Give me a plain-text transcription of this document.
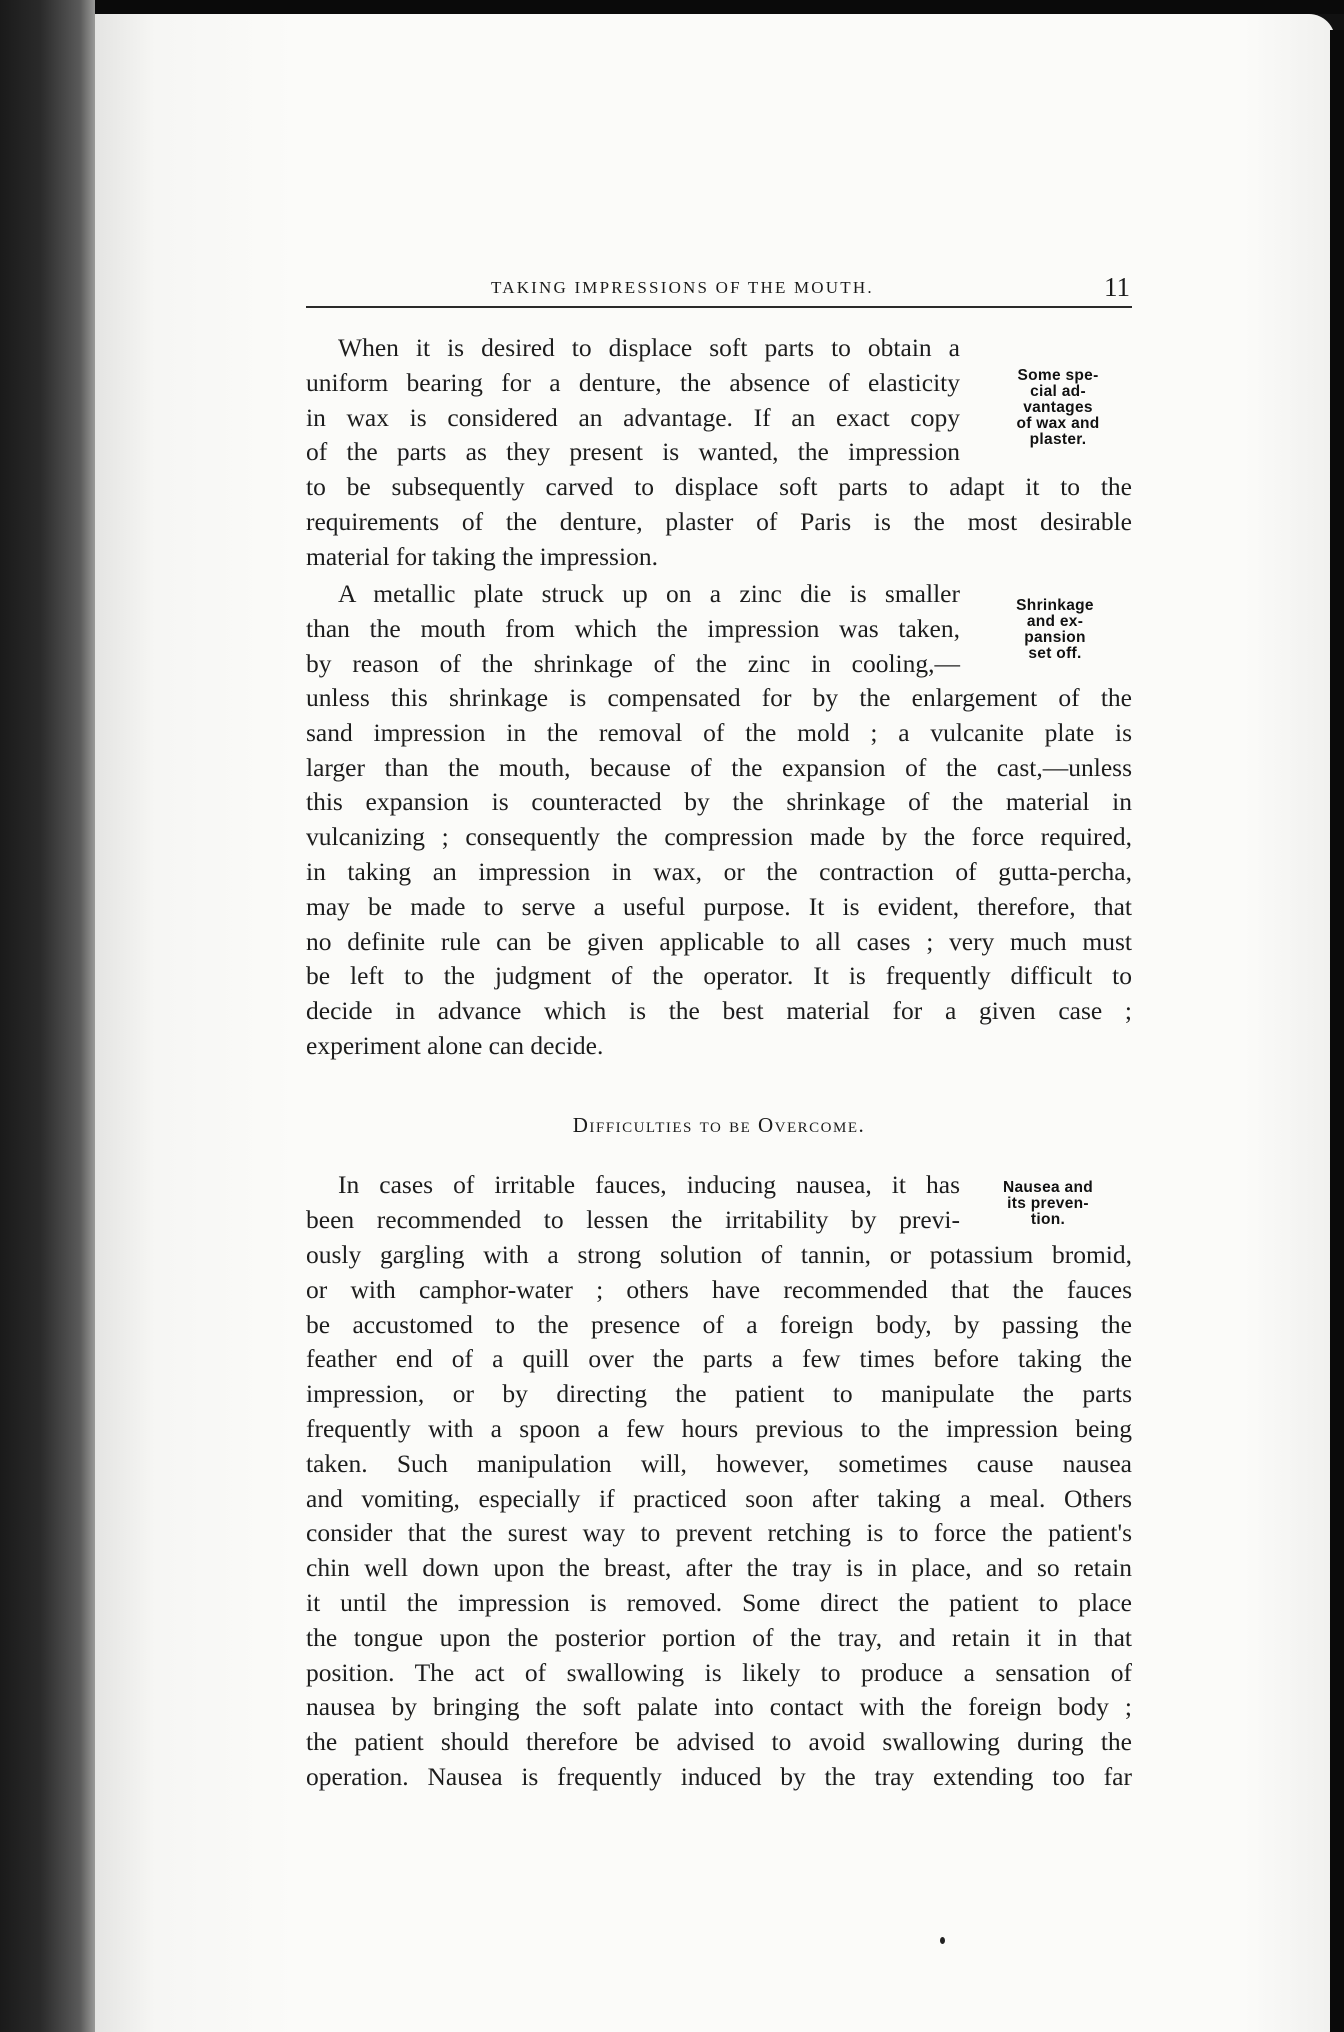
TAKING IMPRESSIONS OF THE MOUTH.	11
When it is desired to displace soft parts to obtain a
uniform bearing for a denture, the absence of elasticity
in wax is considered an advantage. If an exact copy
of the parts as they present is wanted, the impression
to be subsequently carved to displace soft parts to adapt it to the
requirements of the denture, plaster of Paris is the most desirable
material for taking the impression.
Some spe-
cial ad-
vantages
of wax and
plaster.
A metallic plate struck up on a zinc die is smaller
than the mouth from which the impression was taken,
by reason of the shrinkage of the zinc in cooling,—
unless this shrinkage is compensated for by the enlargement of the
sand impression in the removal of the mold ; a vulcanite plate is
larger than the mouth, because of the expansion of the cast,—unless
this expansion is counteracted by the shrinkage of the material in
vulcanizing ; consequently the compression made by the force required,
in taking an impression in wax, or the contraction of gutta-percha,
may be made to serve a useful purpose. It is evident, therefore, that
no definite rule can be given applicable to all cases ; very much must
be left to the judgment of the operator. It is frequently difficult to
decide in advance which is the best material for a given case ;
experiment alone can decide.
Shrinkage
and ex-
pansion
set off.
Difficulties to be Overcome.
In cases of irritable fauces, inducing nausea, it has
been recommended to lessen the irritability by previ-
ously gargling with a strong solution of tannin, or potassium bromid,
or with camphor-water ; others have recommended that the fauces
be accustomed to the presence of a foreign body, by passing the
feather end of a quill over the parts a few times before taking the
impression, or by directing the patient to manipulate the parts
frequently with a spoon a few hours previous to the impression being
taken. Such manipulation will, however, sometimes cause nausea
and vomiting, especially if practiced soon after taking a meal. Others
consider that the surest way to prevent retching is to force the patient's
chin well down upon the breast, after the tray is in place, and so retain
it until the impression is removed. Some direct the patient to place
the tongue upon the posterior portion of the tray, and retain it in that
position. The act of swallowing is likely to produce a sensation of
nausea by bringing the soft palate into contact with the foreign body ;
the patient should therefore be advised to avoid swallowing during the
operation. Nausea is frequently induced by the tray extending too far
Nausea and
its preven-
tion.
